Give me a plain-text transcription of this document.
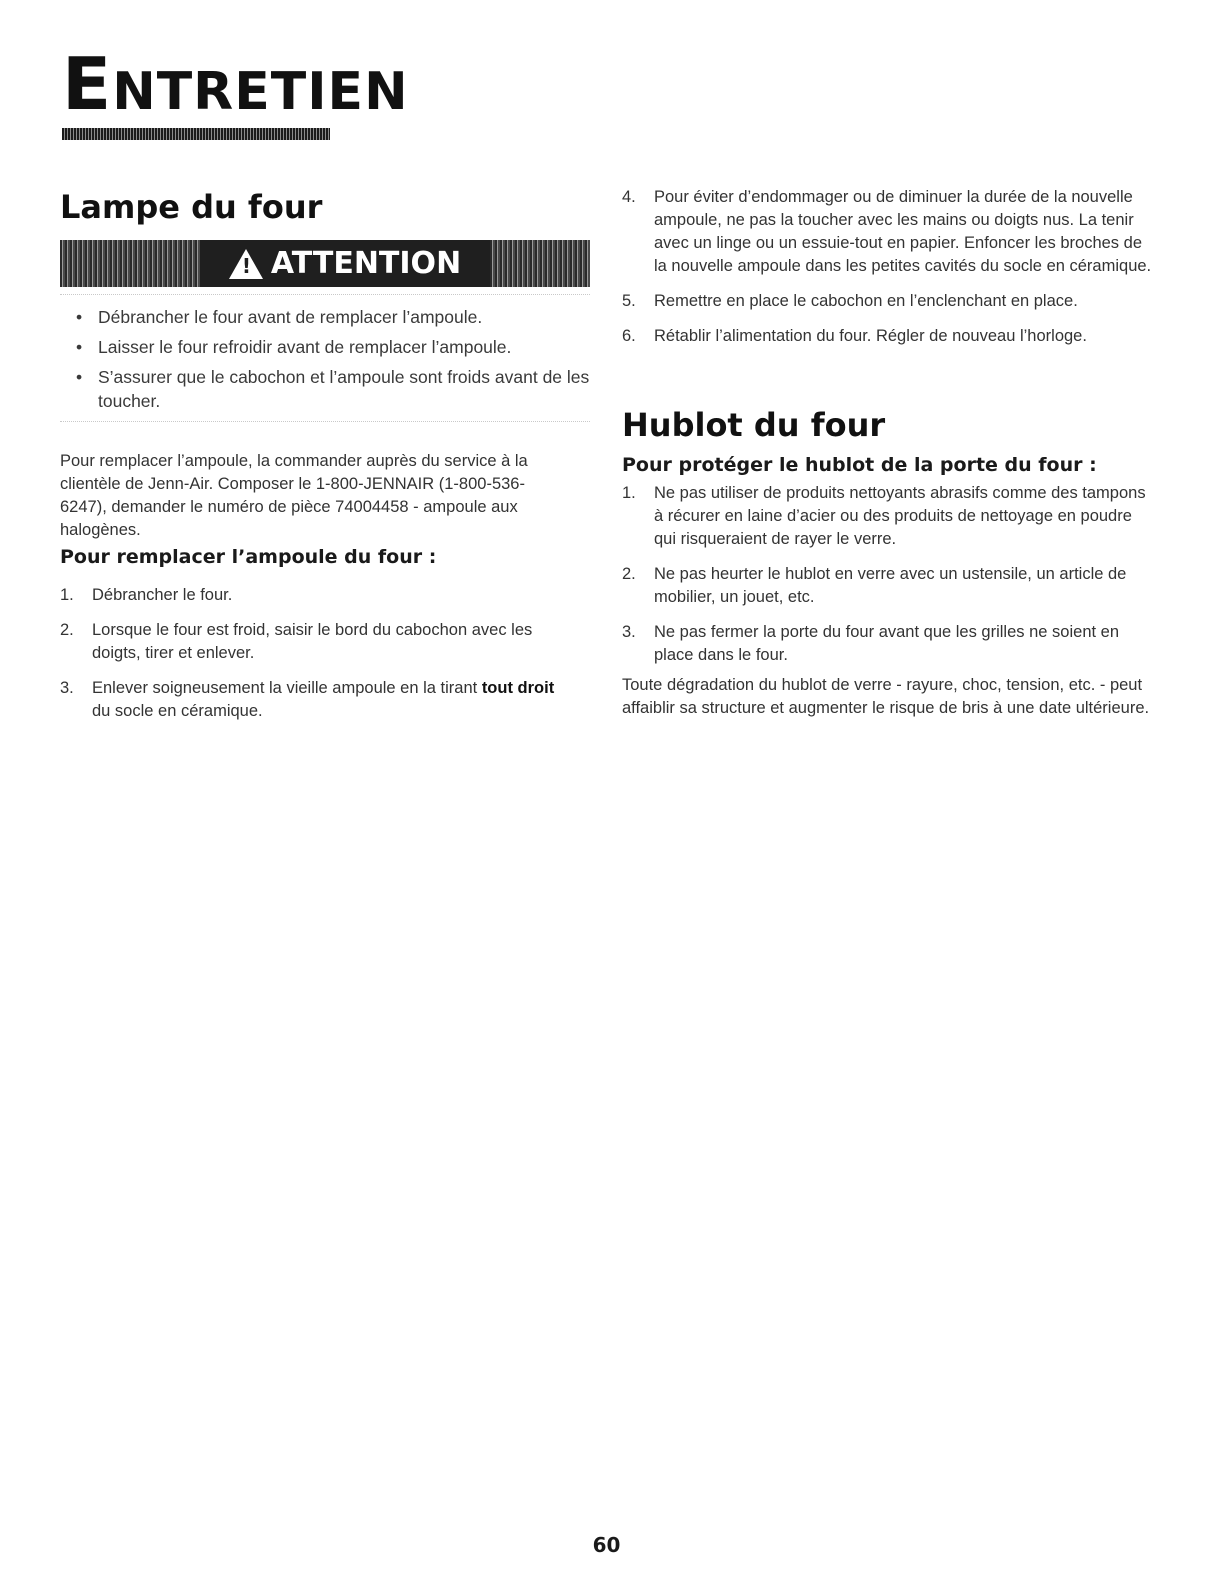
ENTRETIEN
Lampe du four
!
ATTENTION
• Débrancher le four avant de remplacer l’ampoule.
• Laisser le four refroidir avant de remplacer l’ampoule.
• S’assurer que le cabochon et l’ampoule sont froids avant de les toucher.

Pour remplacer l’ampoule, la commander auprès du service à la clientèle de Jenn-Air. Composer le 1-800-JENNAIR (1-800-536-6247), demander le numéro de pièce 74004458 - ampoule aux halogènes.

Pour remplacer l’ampoule du four :
1. Débrancher le four.
2. Lorsque le four est froid, saisir le bord du cabochon avec les doigts, tirer et enlever.
3. Enlever soigneusement la vieille ampoule en la tirant tout droit du socle en céramique.
4. Pour éviter d’endommager ou de diminuer la durée de la nouvelle ampoule, ne pas la toucher avec les mains ou doigts nus. La tenir avec un linge ou un essuie-tout en papier. Enfoncer les broches de la nouvelle ampoule dans les petites cavités du socle en céramique.
5. Remettre en place le cabochon en l’enclenchant en place.
6. Rétablir l’alimentation du four. Régler de nouveau l’horloge.
Hublot du four
Pour protéger le hublot de la porte du four :
1. Ne pas utiliser de produits nettoyants abrasifs comme des tampons à récurer en laine d’acier ou des produits de nettoyage en poudre qui risqueraient de rayer le verre.
2. Ne pas heurter le hublot en verre avec un ustensile, un article de mobilier, un jouet, etc.
3. Ne pas fermer la porte du four avant que les grilles ne soient en place dans le four.

Toute dégradation du hublot de verre - rayure, choc, tension, etc. - peut affaiblir sa structure et augmenter le risque de bris à une date ultérieure.

60
